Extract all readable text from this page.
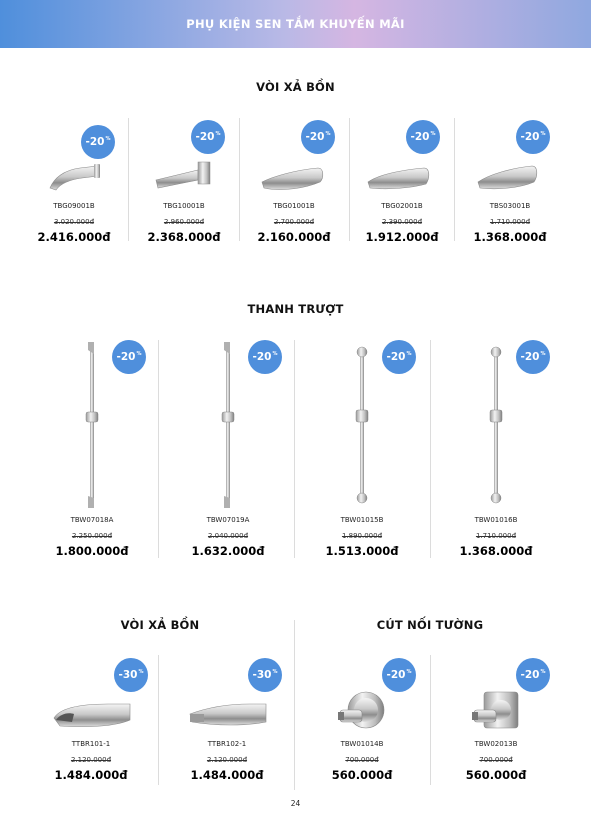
PHỤ KIỆN SEN TẮM KHUYẾN MÃI
VÒI XẢ BỒN
-20%
TBG09001B
3.020.000đ
2.416.000đ
-20%
TBG10001B
2.960.000đ
2.368.000đ
-20%
TBG01001B
2.700.000đ
2.160.000đ
-20%
TBG02001B
2.390.000đ
1.912.000đ
-20%
TBS03001B
1.710.000đ
1.368.000đ
THANH TRƯỢT
-20%
TBW07018A
2.250.000đ
1.800.000đ
-20%
TBW07019A
2.040.000đ
1.632.000đ
-20%
TBW01015B
1.890.000đ
1.513.000đ
-20%
TBW01016B
1.710.000đ
1.368.000đ
VÒI XẢ BỒN	CÚT NỐI TƯỜNG
-30%
TTBR101-1
2.120.000đ
1.484.000đ
-30%
TTBR102-1
2.120.000đ
1.484.000đ
-20%
TBW01014B
700.000đ
560.000đ
-20%
TBW02013B
700.000đ
560.000đ
24
